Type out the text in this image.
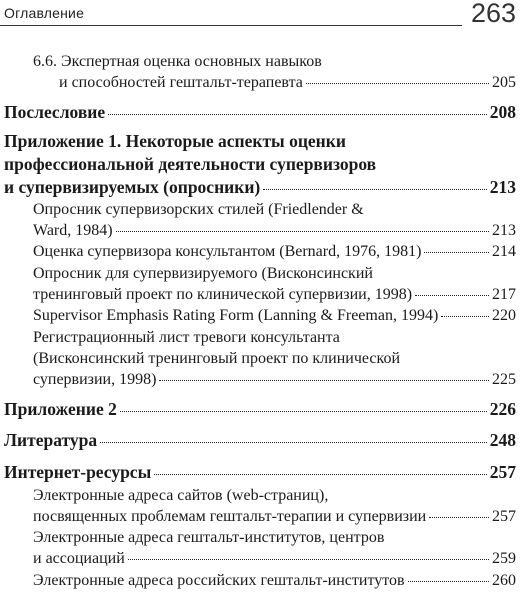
Оглавление	263
6.6. Экспертная оценка основных навыков
и способностей гештальт-терапевта	205
Послесловие	208
Приложение 1. Некоторые аспекты оценки
профессиональной деятельности супервизоров
и супервизируемых (опросники)	213
Опросник супервизорских стилей (Friedlender &
Ward, 1984)	213
Оценка супервизора консультантом (Bernard, 1976, 1981)	214
Опросник для супервизируемого (Висконсинский
тренинговый проект по клинической супервизии, 1998)	217
Supervisor Emphasis Rating Form (Lanning & Freeman, 1994)	220
Регистрационный лист тревоги консультанта
(Висконсинский тренинговый проект по клинической
супервизии, 1998)	225
Приложение 2	226
Литература	248
Интернет-ресурсы	257
Электронные адреса сайтов (web-страниц),
посвященных проблемам гештальт-терапии и супервизии	257
Электронные адреса гештальт-институтов, центров
и ассоциаций	259
Электронные адреса российских гештальт-институтов	260
